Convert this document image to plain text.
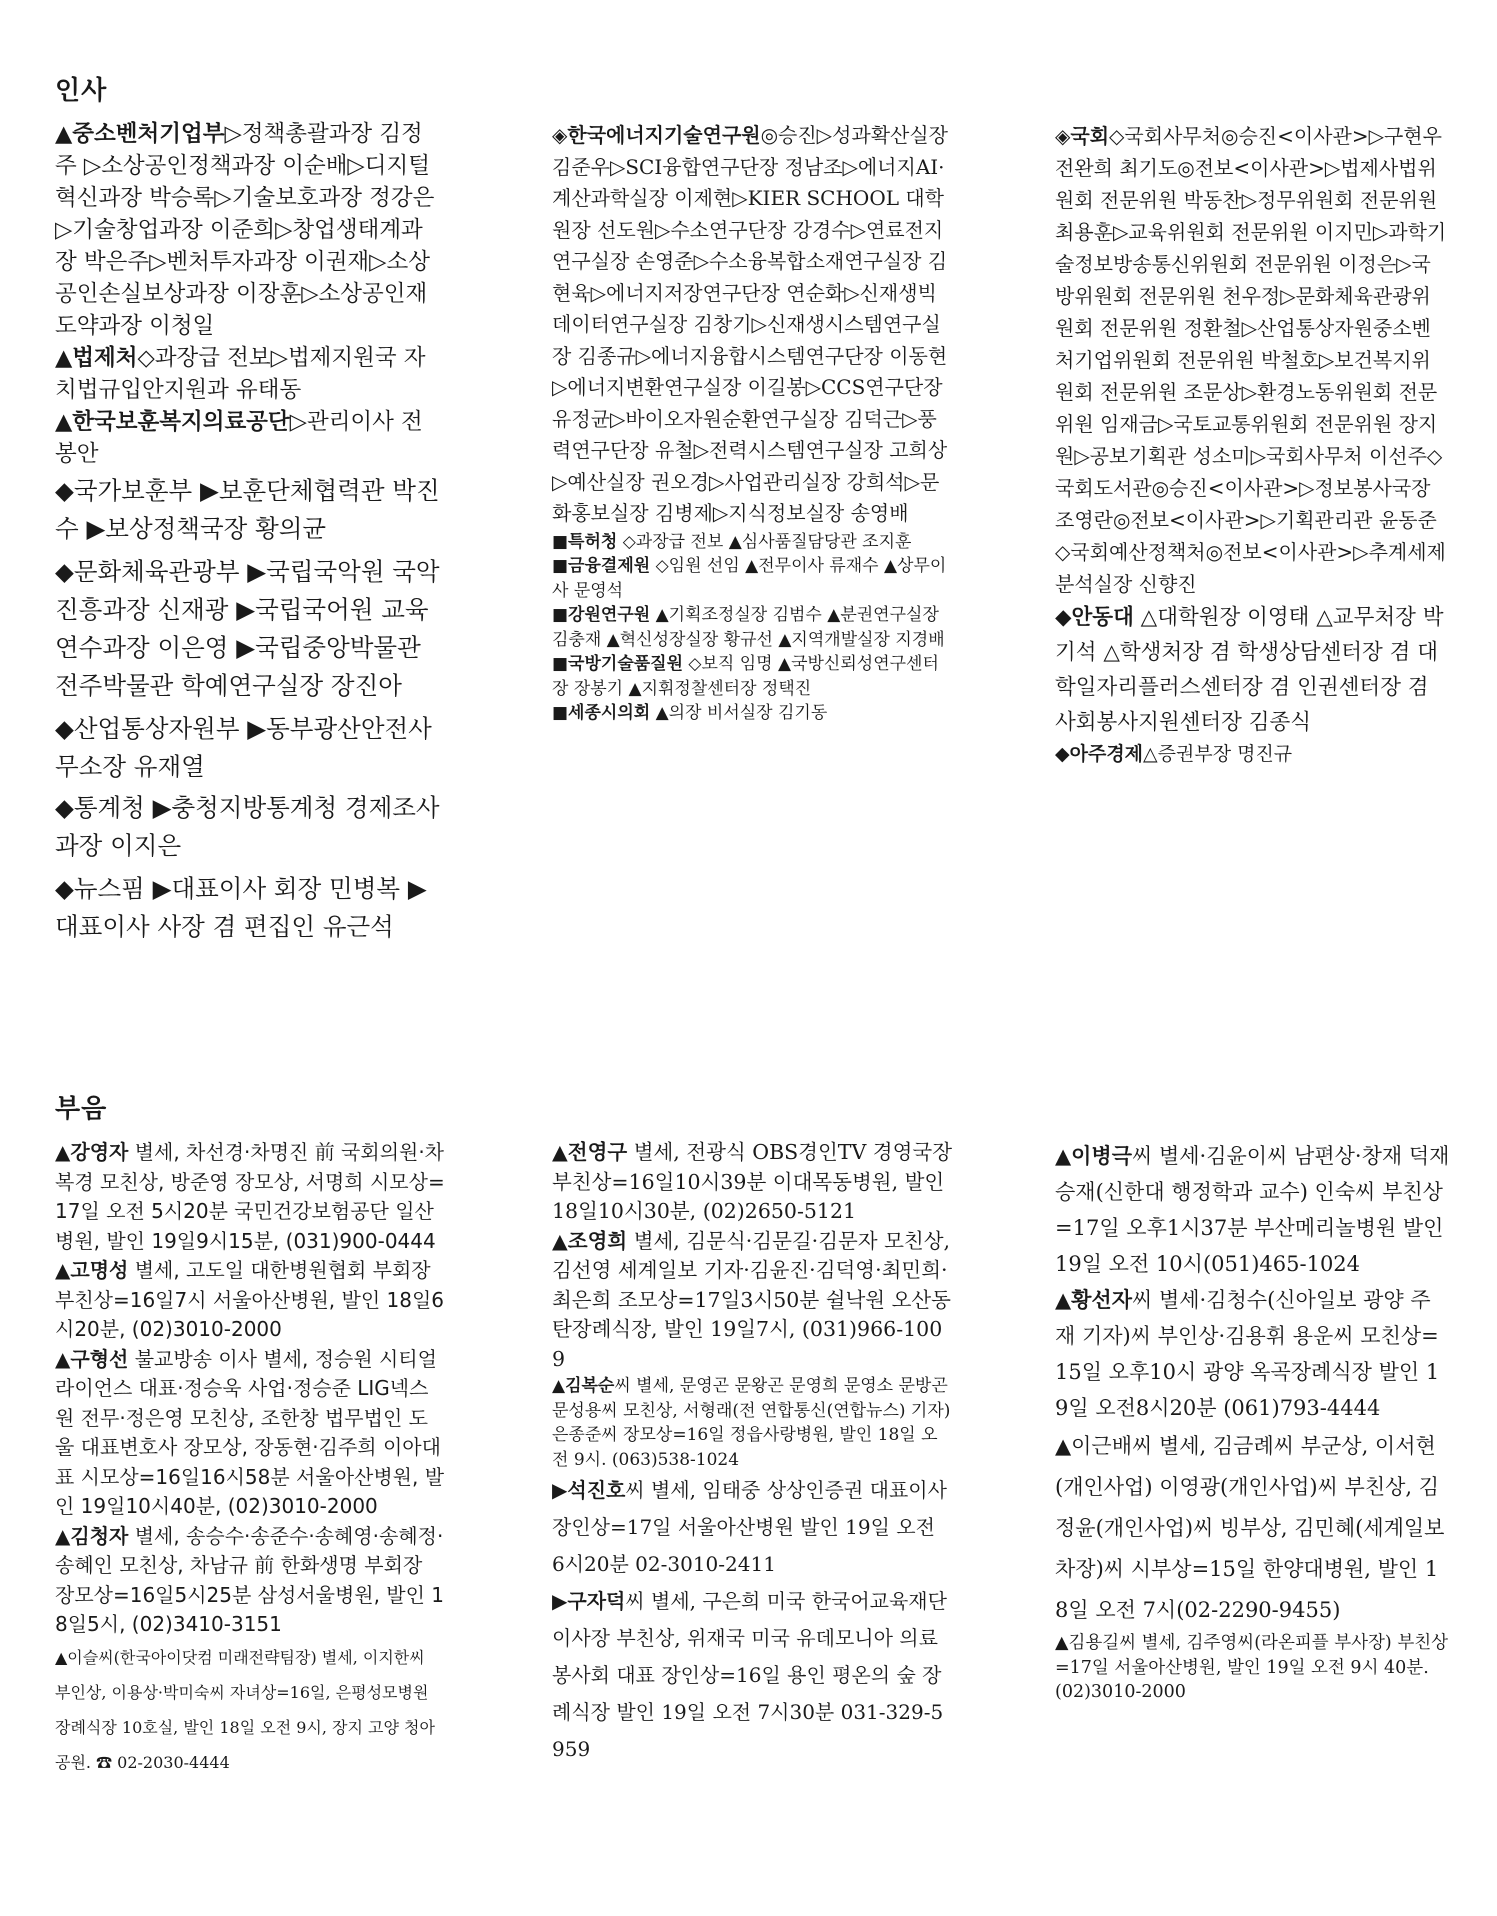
인사

▲중소벤처기업부▷정책총괄과장 김정주 ▷소상공인정책과장 이순배▷디지털혁신과장 박승록▷기술보호과장 정강은▷기술창업과장 이준희▷창업생태계과장 박은주▷벤처투자과장 이권재▷소상공인손실보상과장 이장훈▷소상공인재도약과장 이청일

▲법제처◇과장급 전보▷법제지원국 자치법규입안지원과 유태동

▲한국보훈복지의료공단▷관리이사 전봉안

◆국가보훈부 ▶보훈단체협력관 박진수 ▶보상정책국장 황의균

◆문화체육관광부 ▶국립국악원 국악진흥과장 신재광 ▶국립국어원 교육연수과장 이은영 ▶국립중앙박물관 전주박물관 학예연구실장 장진아

◆산업통상자원부 ▶동부광산안전사무소장 유재열

◆통계청 ▶충청지방통계청 경제조사과장 이지은

◆뉴스핌 ▶대표이사 회장 민병복 ▶대표이사 사장 겸 편집인 유근석

◈한국에너지기술연구원◎승진▷성과확산실장 김준우▷SCI융합연구단장 정남조▷에너지AI·계산과학실장 이제현▷KIER SCHOOL 대학원장 선도원▷수소연구단장 강경수▷연료전지연구실장 손영준▷수소융복합소재연구실장 김현육▷에너지저장연구단장 연순화▷신재생빅데이터연구실장 김창기▷신재생시스템연구실장 김종규▷에너지융합시스템연구단장 이동현▷에너지변환연구실장 이길봉▷CCS연구단장 유정균▷바이오자원순환연구실장 김덕근▷풍력연구단장 유철▷전력시스템연구실장 고희상▷예산실장 권오경▷사업관리실장 강희석▷문화홍보실장 김병제▷지식정보실장 송영배

■특허청 ◇과장급 전보 ▲심사품질담당관 조지훈

■금융결제원 ◇임원 선임 ▲전무이사 류재수 ▲상무이사 문영석

■강원연구원 ▲기획조정실장 김범수 ▲분권연구실장 김충재 ▲혁신성장실장 황규선 ▲지역개발실장 지경배

■국방기술품질원 ◇보직 임명 ▲국방신뢰성연구센터장 장봉기 ▲지휘정찰센터장 정택진

■세종시의회 ▲의장 비서실장 김기동

◈국회◇국회사무처◎승진<이사관>▷구현우 전완희 최기도◎전보<이사관>▷법제사법위원회 전문위원 박동찬▷정무위원회 전문위원 최용훈▷교육위원회 전문위원 이지민▷과학기술정보방송통신위원회 전문위원 이정은▷국방위원회 전문위원 천우정▷문화체육관광위원회 전문위원 정환철▷산업통상자원중소벤처기업위원회 전문위원 박철호▷보건복지위원회 전문위원 조문상▷환경노동위원회 전문위원 임재금▷국토교통위원회 전문위원 장지원▷공보기획관 성소미▷국회사무처 이선주◇국회도서관◎승진<이사관>▷정보봉사국장 조영란◎전보<이사관>▷기획관리관 윤동준◇국회예산정책처◎전보<이사관>▷추계세제분석실장 신향진

◆안동대 △대학원장 이영태 △교무처장 박기석 △학생처장 겸 학생상담센터장 겸 대학일자리플러스센터장 겸 인권센터장 겸 사회봉사지원센터장 김종식

◆아주경제△증권부장 명진규

부음

▲강영자 별세, 차선경·차명진 前 국회의원·차복경 모친상, 방준영 장모상, 서명희 시모상=17일 오전 5시20분 국민건강보험공단 일산병원, 발인 19일9시15분, (031)900-0444

▲고명성 별세, 고도일 대한병원협회 부회장 부친상=16일7시 서울아산병원, 발인 18일6시20분, (02)3010-2000

▲구형선 불교방송 이사 별세, 정승원 시티얼라이언스 대표·정승욱 사업·정승준 LIG넥스원 전무·정은영 모친상, 조한창 법무법인 도울 대표변호사 장모상, 장동현·김주희 이아대표 시모상=16일16시58분 서울아산병원, 발인 19일10시40분, (02)3010-2000

▲김청자 별세, 송승수·송준수·송혜영·송혜정·송혜인 모친상, 차남규 前 한화생명 부회장 장모상=16일5시25분 삼성서울병원, 발인 18일5시, (02)3410-3151

▲이슬씨(한국아이닷컴 미래전략팀장) 별세, 이지한씨 부인상, 이용상·박미숙씨 자녀상=16일, 은평성모병원 장례식장 10호실, 발인 18일 오전 9시, 장지 고양 청아공원. ☎ 02-2030-4444

▲전영구 별세, 전광식 OBS경인TV 경영국장 부친상=16일10시39분 이대목동병원, 발인 18일10시30분, (02)2650-5121

▲조영희 별세, 김문식·김문길·김문자 모친상, 김선영 세계일보 기자·김윤진·김덕영·최민희·최은희 조모상=17일3시50분 쉴낙원 오산동탄장례식장, 발인 19일7시, (031)966-1009

▲김복순씨 별세, 문영곤 문왕곤 문영희 문영소 문방곤 문성용씨 모친상, 서형래(전 연합통신(연합뉴스) 기자) 은종준씨 장모상=16일 정읍사랑병원, 발인 18일 오전 9시. (063)538-1024

▶석진호씨 별세, 임태중 상상인증권 대표이사 장인상=17일 서울아산병원 발인 19일 오전 6시20분 02-3010-2411

▶구자덕씨 별세, 구은희 미국 한국어교육재단 이사장 부친상, 위재국 미국 유데모니아 의료봉사회 대표 장인상=16일 용인 평온의 숲 장례식장 발인 19일 오전 7시30분 031-329-5959

▲이병극씨 별세·김윤이씨 남편상·창재 덕재 승재(신한대 행정학과 교수) 인숙씨 부친상=17일 오후1시37분 부산메리놀병원 발인 19일 오전 10시(051)465-1024

▲황선자씨 별세·김청수(신아일보 광양 주재 기자)씨 부인상·김용휘 용운씨 모친상=15일 오후10시 광양 옥곡장례식장 발인 19일 오전8시20분 (061)793-4444

▲이근배씨 별세, 김금례씨 부군상, 이서현(개인사업) 이영광(개인사업)씨 부친상, 김정윤(개인사업)씨 빙부상, 김민혜(세계일보 차장)씨 시부상=15일 한양대병원, 발인 18일 오전 7시(02-2290-9455)

▲김용길씨 별세, 김주영씨(라온피플 부사장) 부친상=17일 서울아산병원, 발인 19일 오전 9시 40분. (02)3010-2000
